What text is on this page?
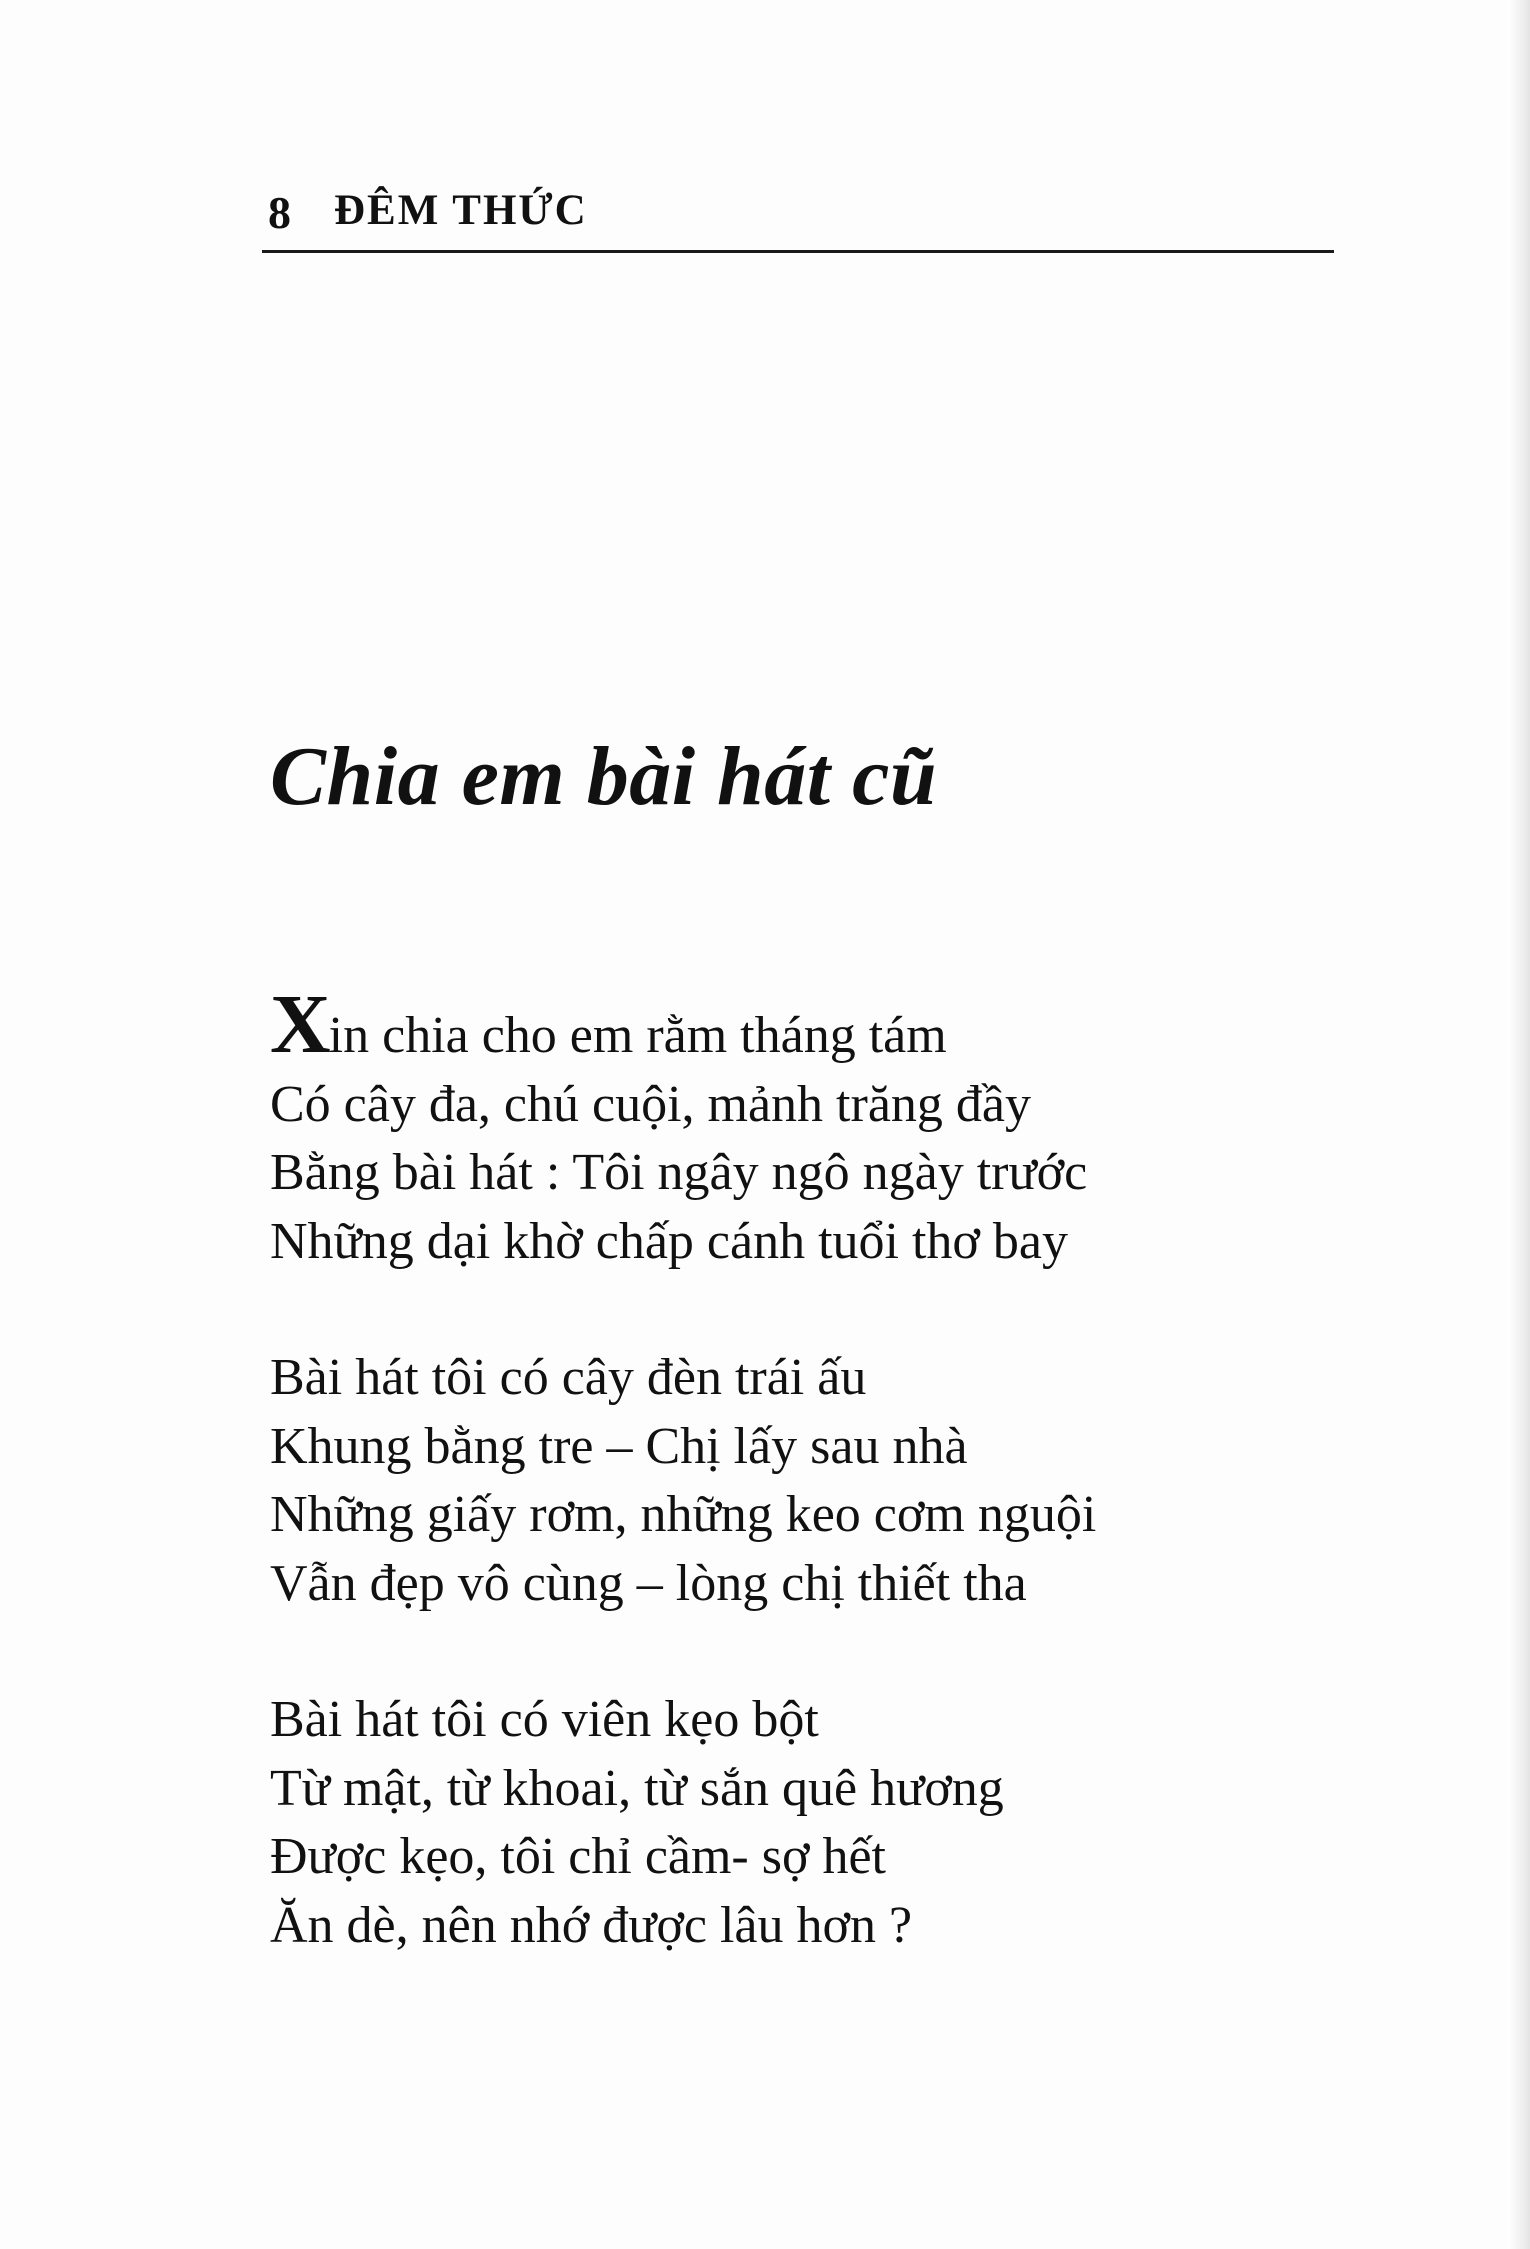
8 ĐÊM THỨC
Chia em bài hát cũ
Xin chia cho em rằm tháng tám
Có cây đa, chú cuội, mảnh trăng đầy
Bằng bài hát : Tôi ngây ngô ngày trước
Những dại khờ chấp cánh tuổi thơ bay
Bài hát tôi có cây đèn trái ấu
Khung bằng tre – Chị lấy sau nhà
Những giấy rơm, những keo cơm nguội
Vẫn đẹp vô cùng – lòng chị thiết tha
Bài hát tôi có viên kẹo bột
Từ mật, từ khoai, từ sắn quê hương
Được kẹo, tôi chỉ cầm- sợ hết
Ăn dè, nên nhớ được lâu hơn ?
